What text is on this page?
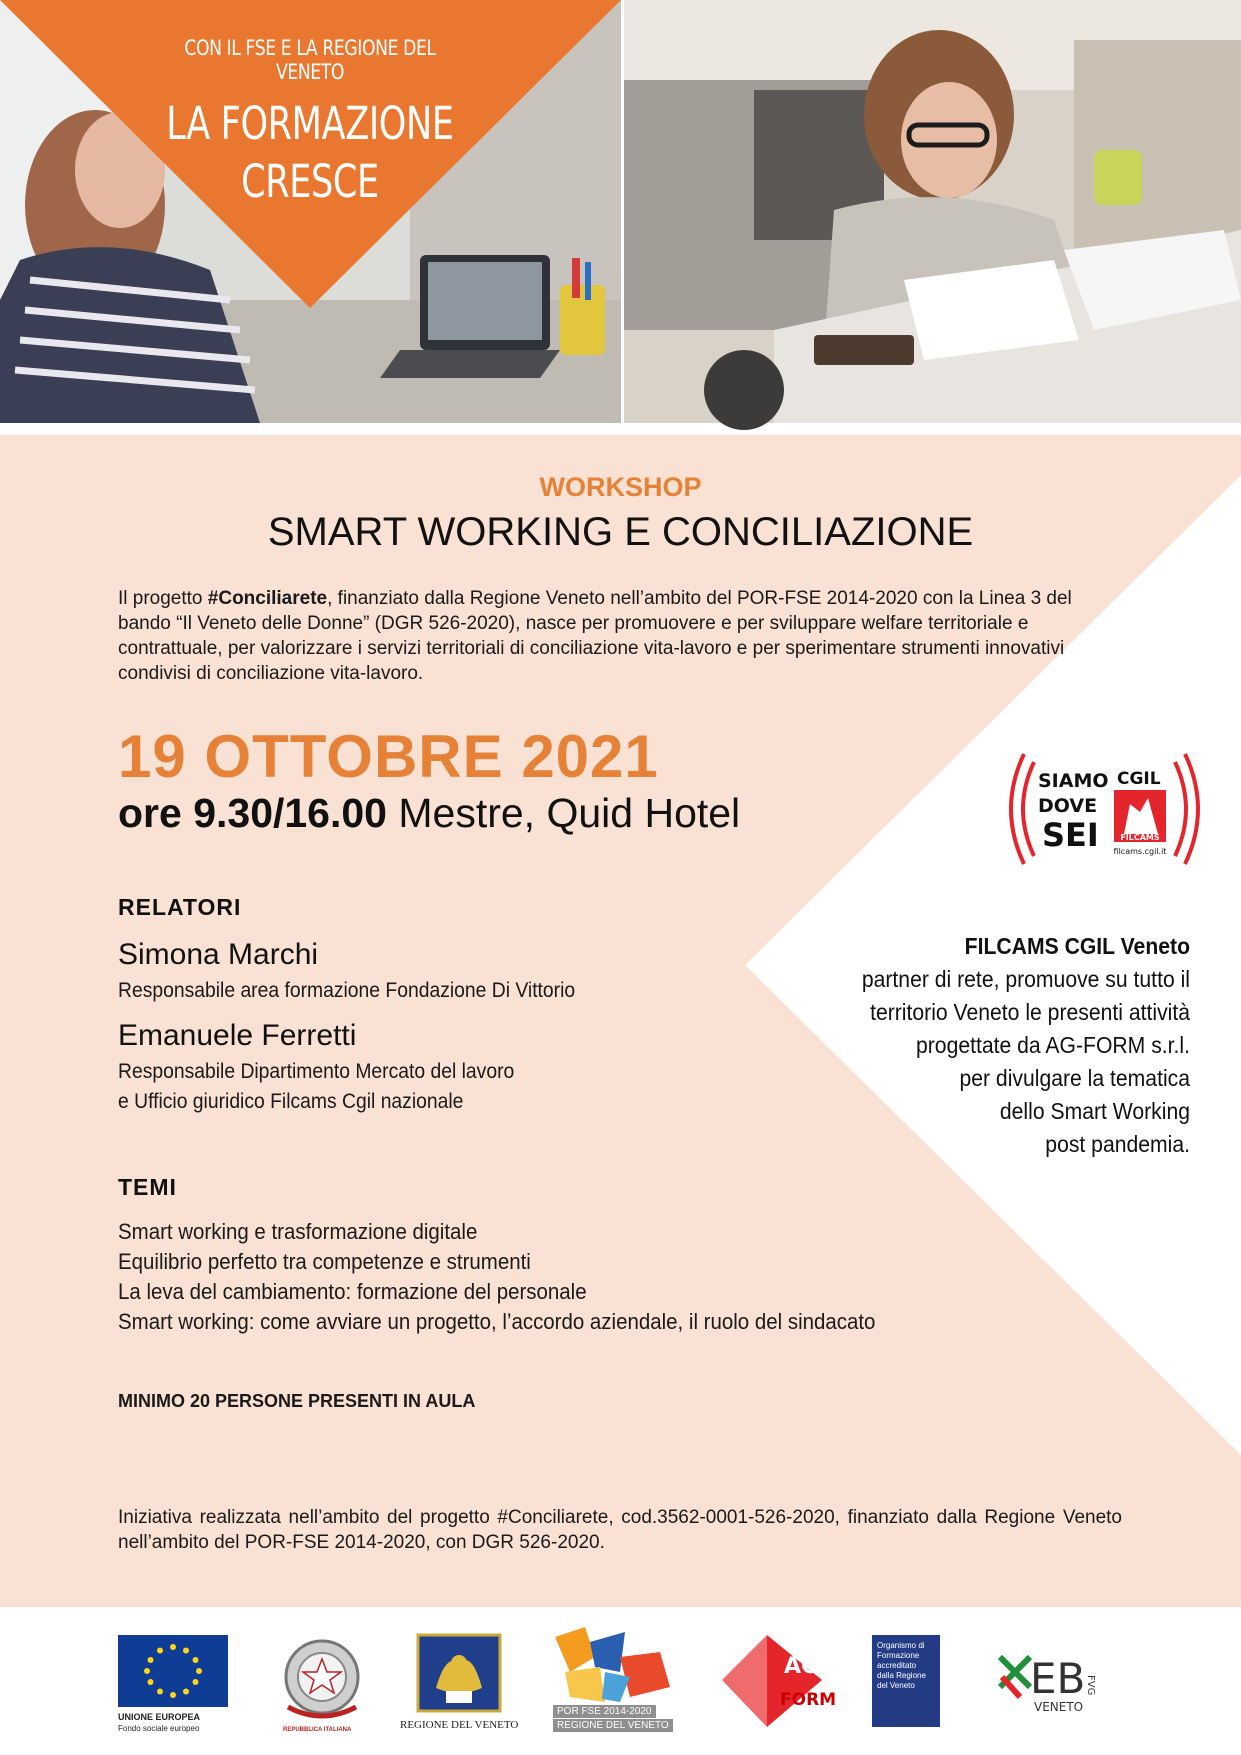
CON IL FSE E LA REGIONE DEL VENETO
LA FORMAZIONE
CRESCE
WORKSHOP
SMART WORKING E CONCILIAZIONE
Il progetto #Conciliarete, finanziato dalla Regione Veneto nell’ambito del POR-FSE 2014-2020 con la Linea 3 del bando “Il Veneto delle Donne” (DGR 526-2020), nasce per promuovere e per sviluppare welfare territoriale e contrattuale, per valorizzare i servizi territoriali di conciliazione vita-lavoro e per sperimentare strumenti innovativi condivisi di conciliazione vita-lavoro.
19 OTTOBRE 2021
ore 9.30/16.00 Mestre, Quid Hotel
SIAMO
DOVE
SEI
CGIL
FILCAMS
filcams.cgil.it
RELATORI
Simona Marchi
Responsabile area formazione Fondazione Di Vittorio
Emanuele Ferretti
Responsabile Dipartimento Mercato del lavoro
e Ufficio giuridico Filcams Cgil nazionale
FILCAMS CGIL Veneto
partner di rete, promuove su tutto il
territorio Veneto le presenti attività
progettate da AG-FORM s.r.l.
per divulgare la tematica
dello Smart Working
post pandemia.
TEMI
Smart working e trasformazione digitale
Equilibrio perfetto tra competenze e strumenti
La leva del cambiamento: formazione del personale
Smart working: come avviare un progetto, l’accordo aziendale, il ruolo del sindacato
MINIMO 20 PERSONE PRESENTI IN AULA
Iniziativa realizzata nell’ambito del progetto #Conciliarete, cod.3562-0001-526-2020, finanziato dalla Regione Veneto nell’ambito del POR-FSE 2014-2020, con DGR 526-2020.
UNIONE EUROPEA
Fondo sociale europeo	REPUBBLICA ITALIANA	REGIONE DEL VENETO
POR FSE 2014-2020
REGIONE DEL VENETO
AG
FORM
Organismo di Formazione accreditato dalla Regione del Veneto	EB
VENETO
FVG
